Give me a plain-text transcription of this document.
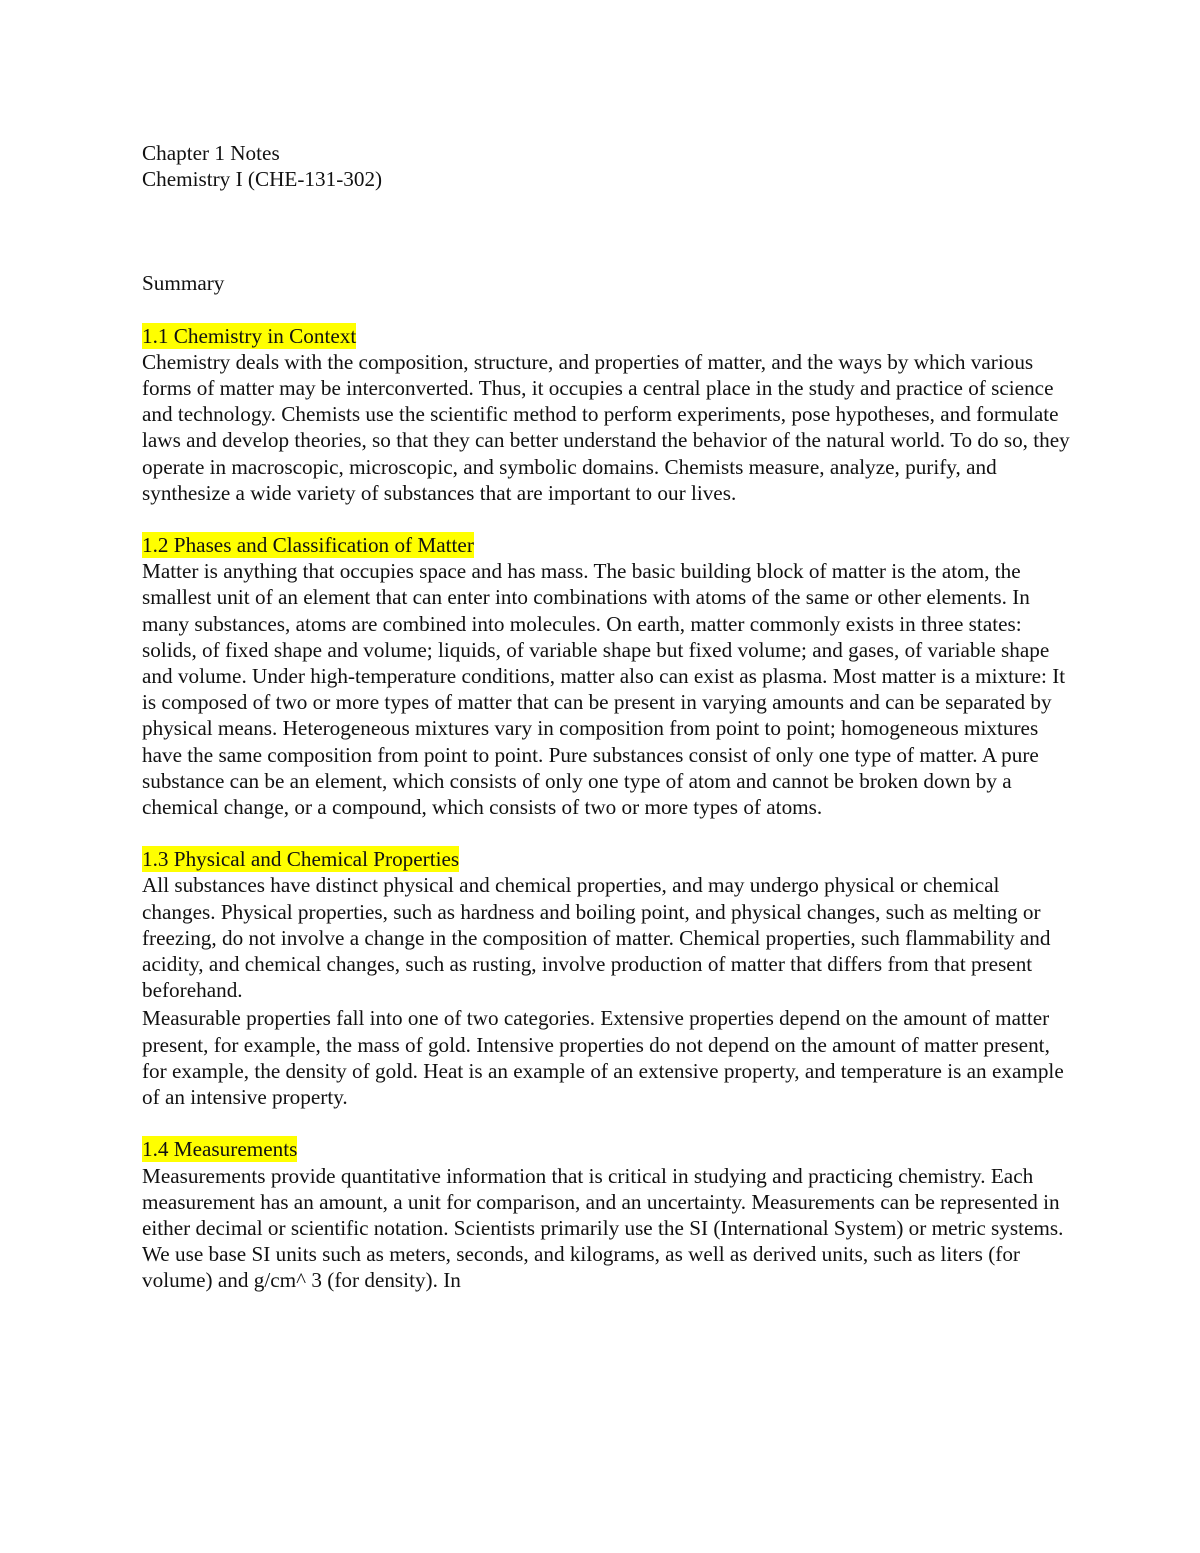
Chapter 1 Notes

Chemistry I (CHE-131-302)

Summary

1.1 Chemistry in Context

Chemistry deals with the composition, structure, and properties of matter, and the ways by which various forms of matter may be interconverted. Thus, it occupies a central place in the study and practice of science and technology. Chemists use the scientific method to perform experiments, pose hypotheses, and formulate laws and develop theories, so that they can better understand the behavior of the natural world. To do so, they operate in macroscopic, microscopic, and symbolic domains. Chemists measure, analyze, purify, and synthesize a wide variety of substances that are important to our lives.

1.2 Phases and Classification of Matter

Matter is anything that occupies space and has mass. The basic building block of matter is the atom, the smallest unit of an element that can enter into combinations with atoms of the same or other elements. In many substances, atoms are combined into molecules. On earth, matter commonly exists in three states: solids, of fixed shape and volume; liquids, of variable shape but fixed volume; and gases, of variable shape and volume. Under high-temperature conditions, matter also can exist as plasma. Most matter is a mixture: It is composed of two or more types of matter that can be present in varying amounts and can be separated by physical means. Heterogeneous mixtures vary in composition from point to point; homogeneous mixtures have the same composition from point to point. Pure substances consist of only one type of matter. A pure substance can be an element, which consists of only one type of atom and cannot be broken down by a chemical change, or a compound, which consists of two or more types of atoms.

1.3 Physical and Chemical Properties

All substances have distinct physical and chemical properties, and may undergo physical or chemical changes. Physical properties, such as hardness and boiling point, and physical changes, such as melting or freezing, do not involve a change in the composition of matter. Chemical properties, such flammability and acidity, and chemical changes, such as rusting, involve production of matter that differs from that present beforehand.

Measurable properties fall into one of two categories. Extensive properties depend on the amount of matter present, for example, the mass of gold. Intensive properties do not depend on the amount of matter present, for example, the density of gold. Heat is an example of an extensive property, and temperature is an example of an intensive property.

1.4 Measurements

Measurements provide quantitative information that is critical in studying and practicing chemistry. Each measurement has an amount, a unit for comparison, and an uncertainty. Measurements can be represented in either decimal or scientific notation. Scientists primarily use the SI (International System) or metric systems. We use base SI units such as meters, seconds, and kilograms, as well as derived units, such as liters (for volume) and g/cm^ 3 (for density). In
